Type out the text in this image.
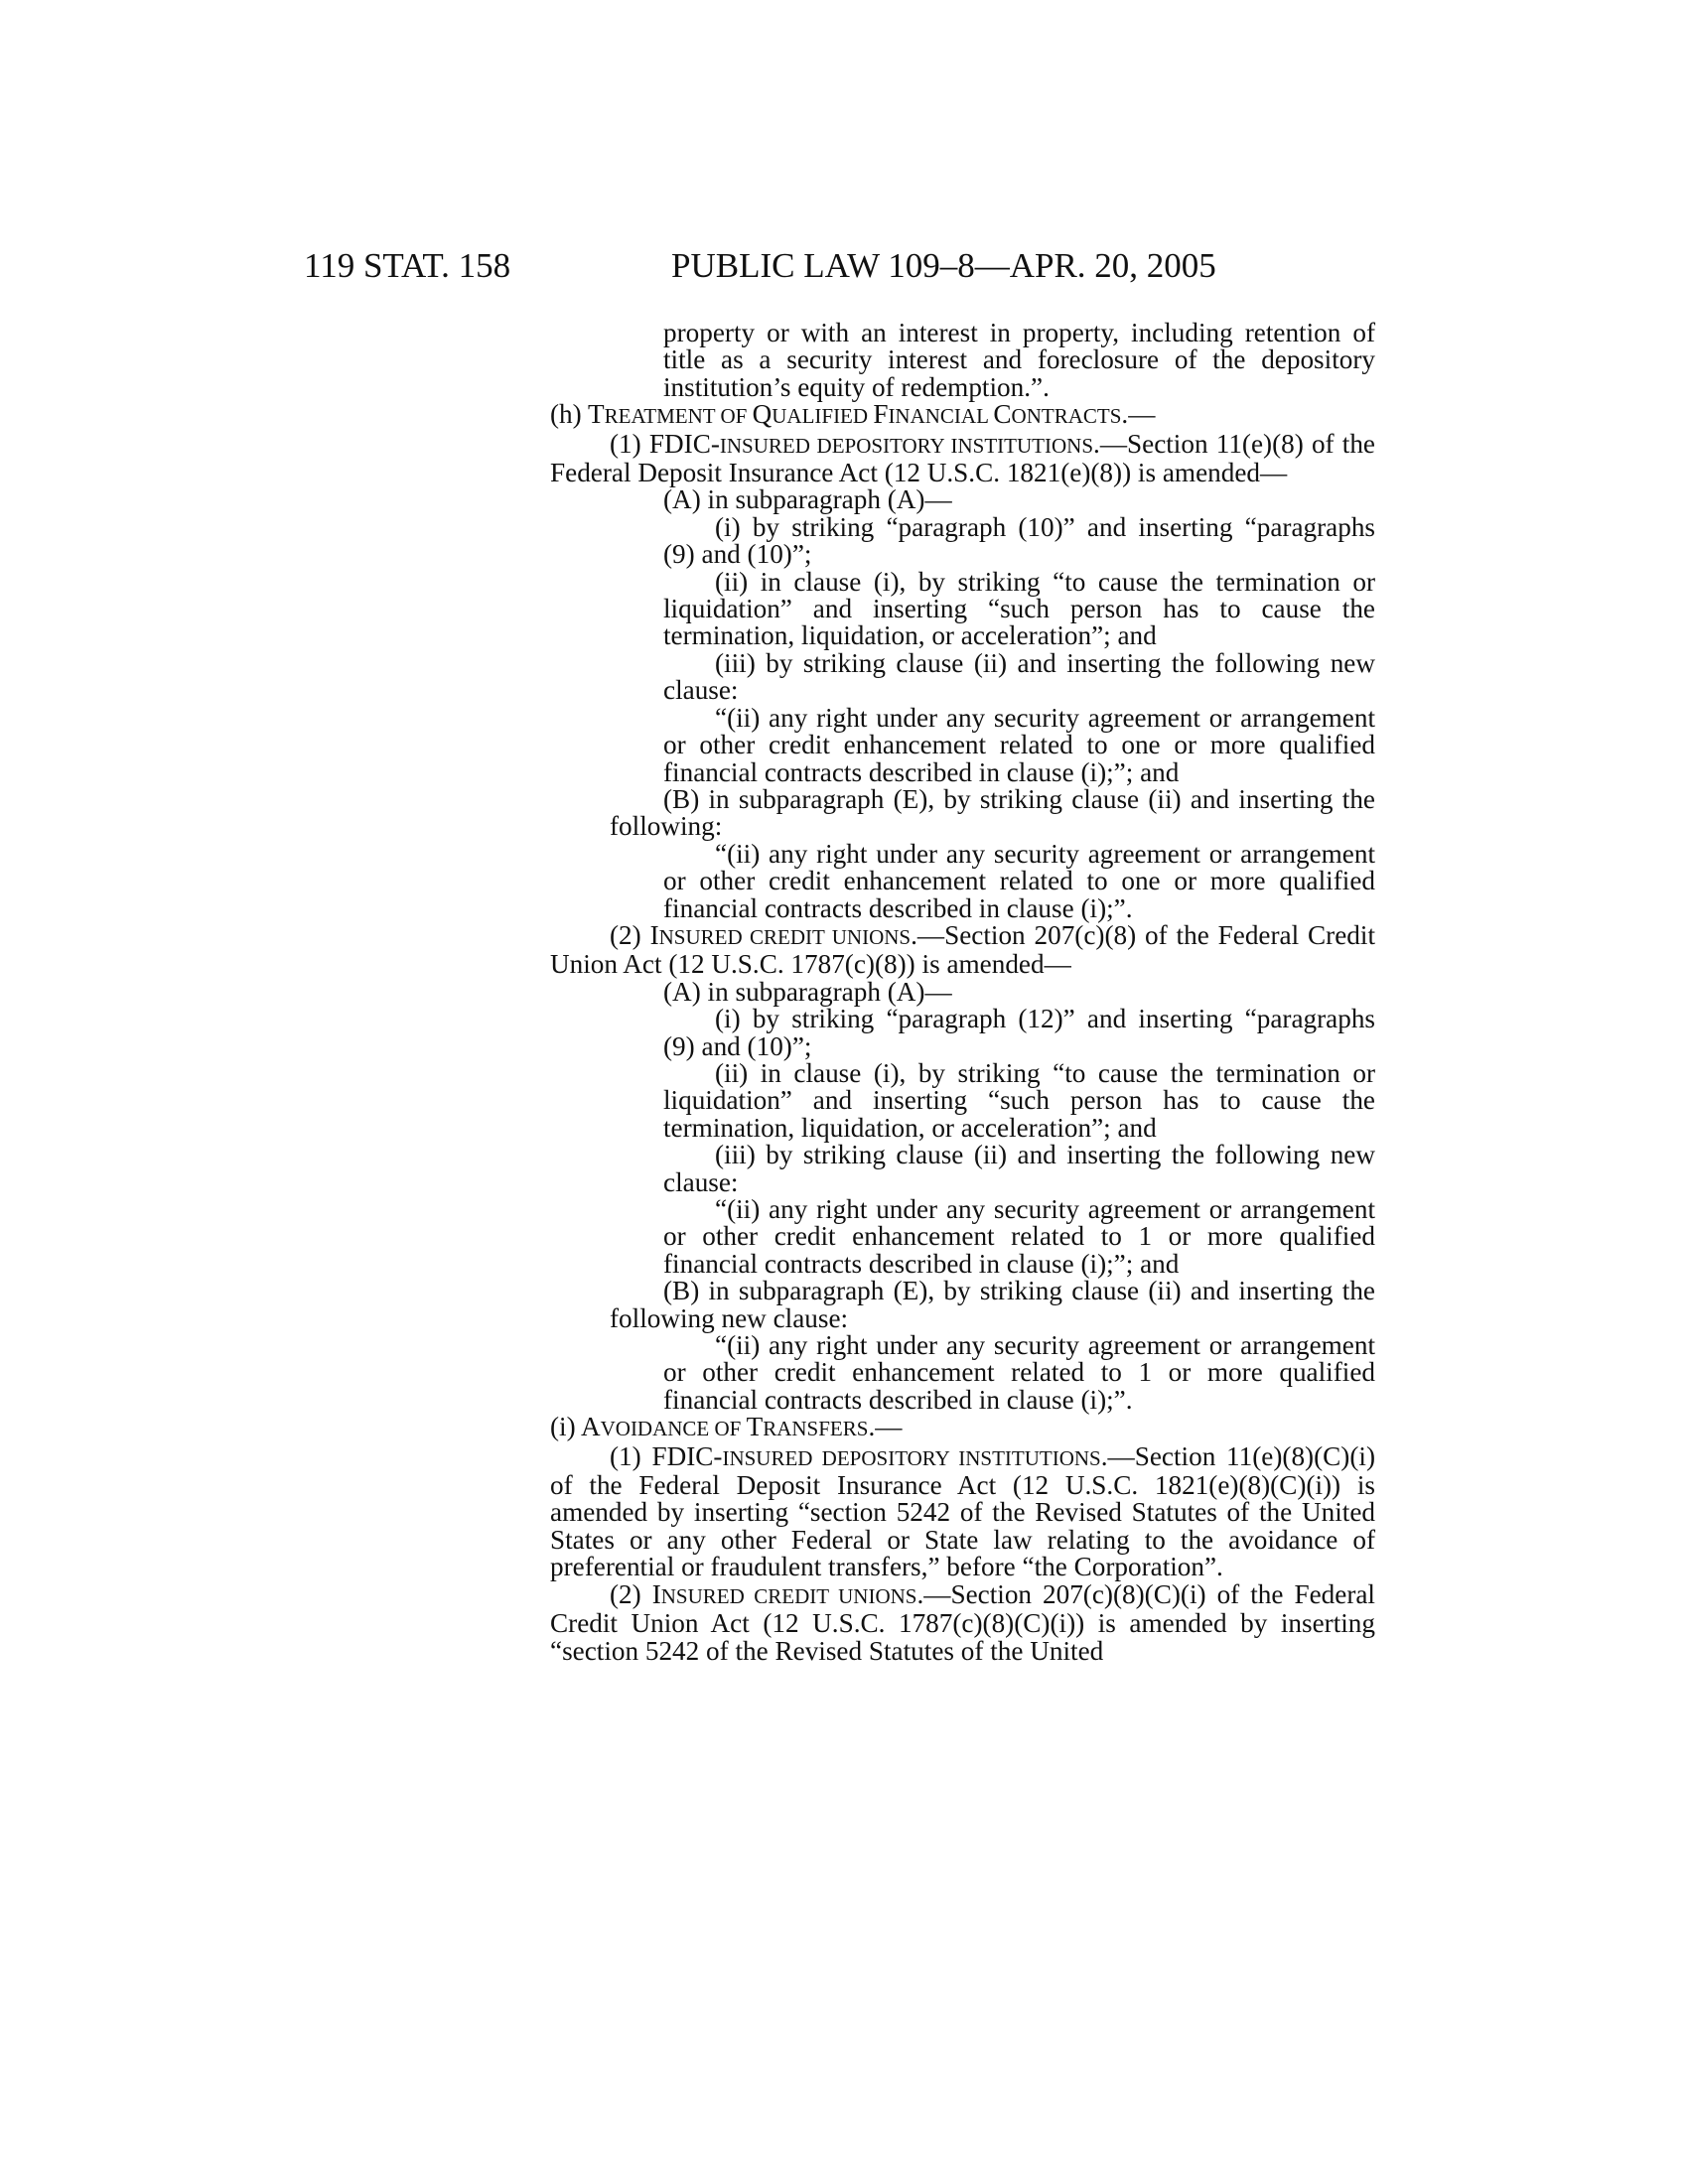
119 STAT. 158	PUBLIC LAW 109–8—APR. 20, 2005

property or with an interest in property, including retention of title as a security interest and foreclosure of the depository institution’s equity of redemption.”.

(h) TREATMENT OF QUALIFIED FINANCIAL CONTRACTS.—

(1) FDIC-INSURED DEPOSITORY INSTITUTIONS.—Section 11(e)(8) of the Federal Deposit Insurance Act (12 U.S.C. 1821(e)(8)) is amended—

(A) in subparagraph (A)—

(i) by striking “paragraph (10)” and inserting “paragraphs (9) and (10)”;

(ii) in clause (i), by striking “to cause the termination or liquidation” and inserting “such person has to cause the termination, liquidation, or acceleration”; and

(iii) by striking clause (ii) and inserting the following new clause:

“(ii) any right under any security agreement or arrangement or other credit enhancement related to one or more qualified financial contracts described in clause (i);”; and

(B) in subparagraph (E), by striking clause (ii) and inserting the following:

“(ii) any right under any security agreement or arrangement or other credit enhancement related to one or more qualified financial contracts described in clause (i);”.

(2) INSURED CREDIT UNIONS.—Section 207(c)(8) of the Federal Credit Union Act (12 U.S.C. 1787(c)(8)) is amended—

(A) in subparagraph (A)—

(i) by striking “paragraph (12)” and inserting “paragraphs (9) and (10)”;

(ii) in clause (i), by striking “to cause the termination or liquidation” and inserting “such person has to cause the termination, liquidation, or acceleration”; and

(iii) by striking clause (ii) and inserting the following new clause:

“(ii) any right under any security agreement or arrangement or other credit enhancement related to 1 or more qualified financial contracts described in clause (i);”; and

(B) in subparagraph (E), by striking clause (ii) and inserting the following new clause:

“(ii) any right under any security agreement or arrangement or other credit enhancement related to 1 or more qualified financial contracts described in clause (i);”.

(i) AVOIDANCE OF TRANSFERS.—

(1) FDIC-INSURED DEPOSITORY INSTITUTIONS.—Section 11(e)(8)(C)(i) of the Federal Deposit Insurance Act (12 U.S.C. 1821(e)(8)(C)(i)) is amended by inserting “section 5242 of the Revised Statutes of the United States or any other Federal or State law relating to the avoidance of preferential or fraudulent transfers,” before “the Corporation”.

(2) INSURED CREDIT UNIONS.—Section 207(c)(8)(C)(i) of the Federal Credit Union Act (12 U.S.C. 1787(c)(8)(C)(i)) is amended by inserting “section 5242 of the Revised Statutes of the United
